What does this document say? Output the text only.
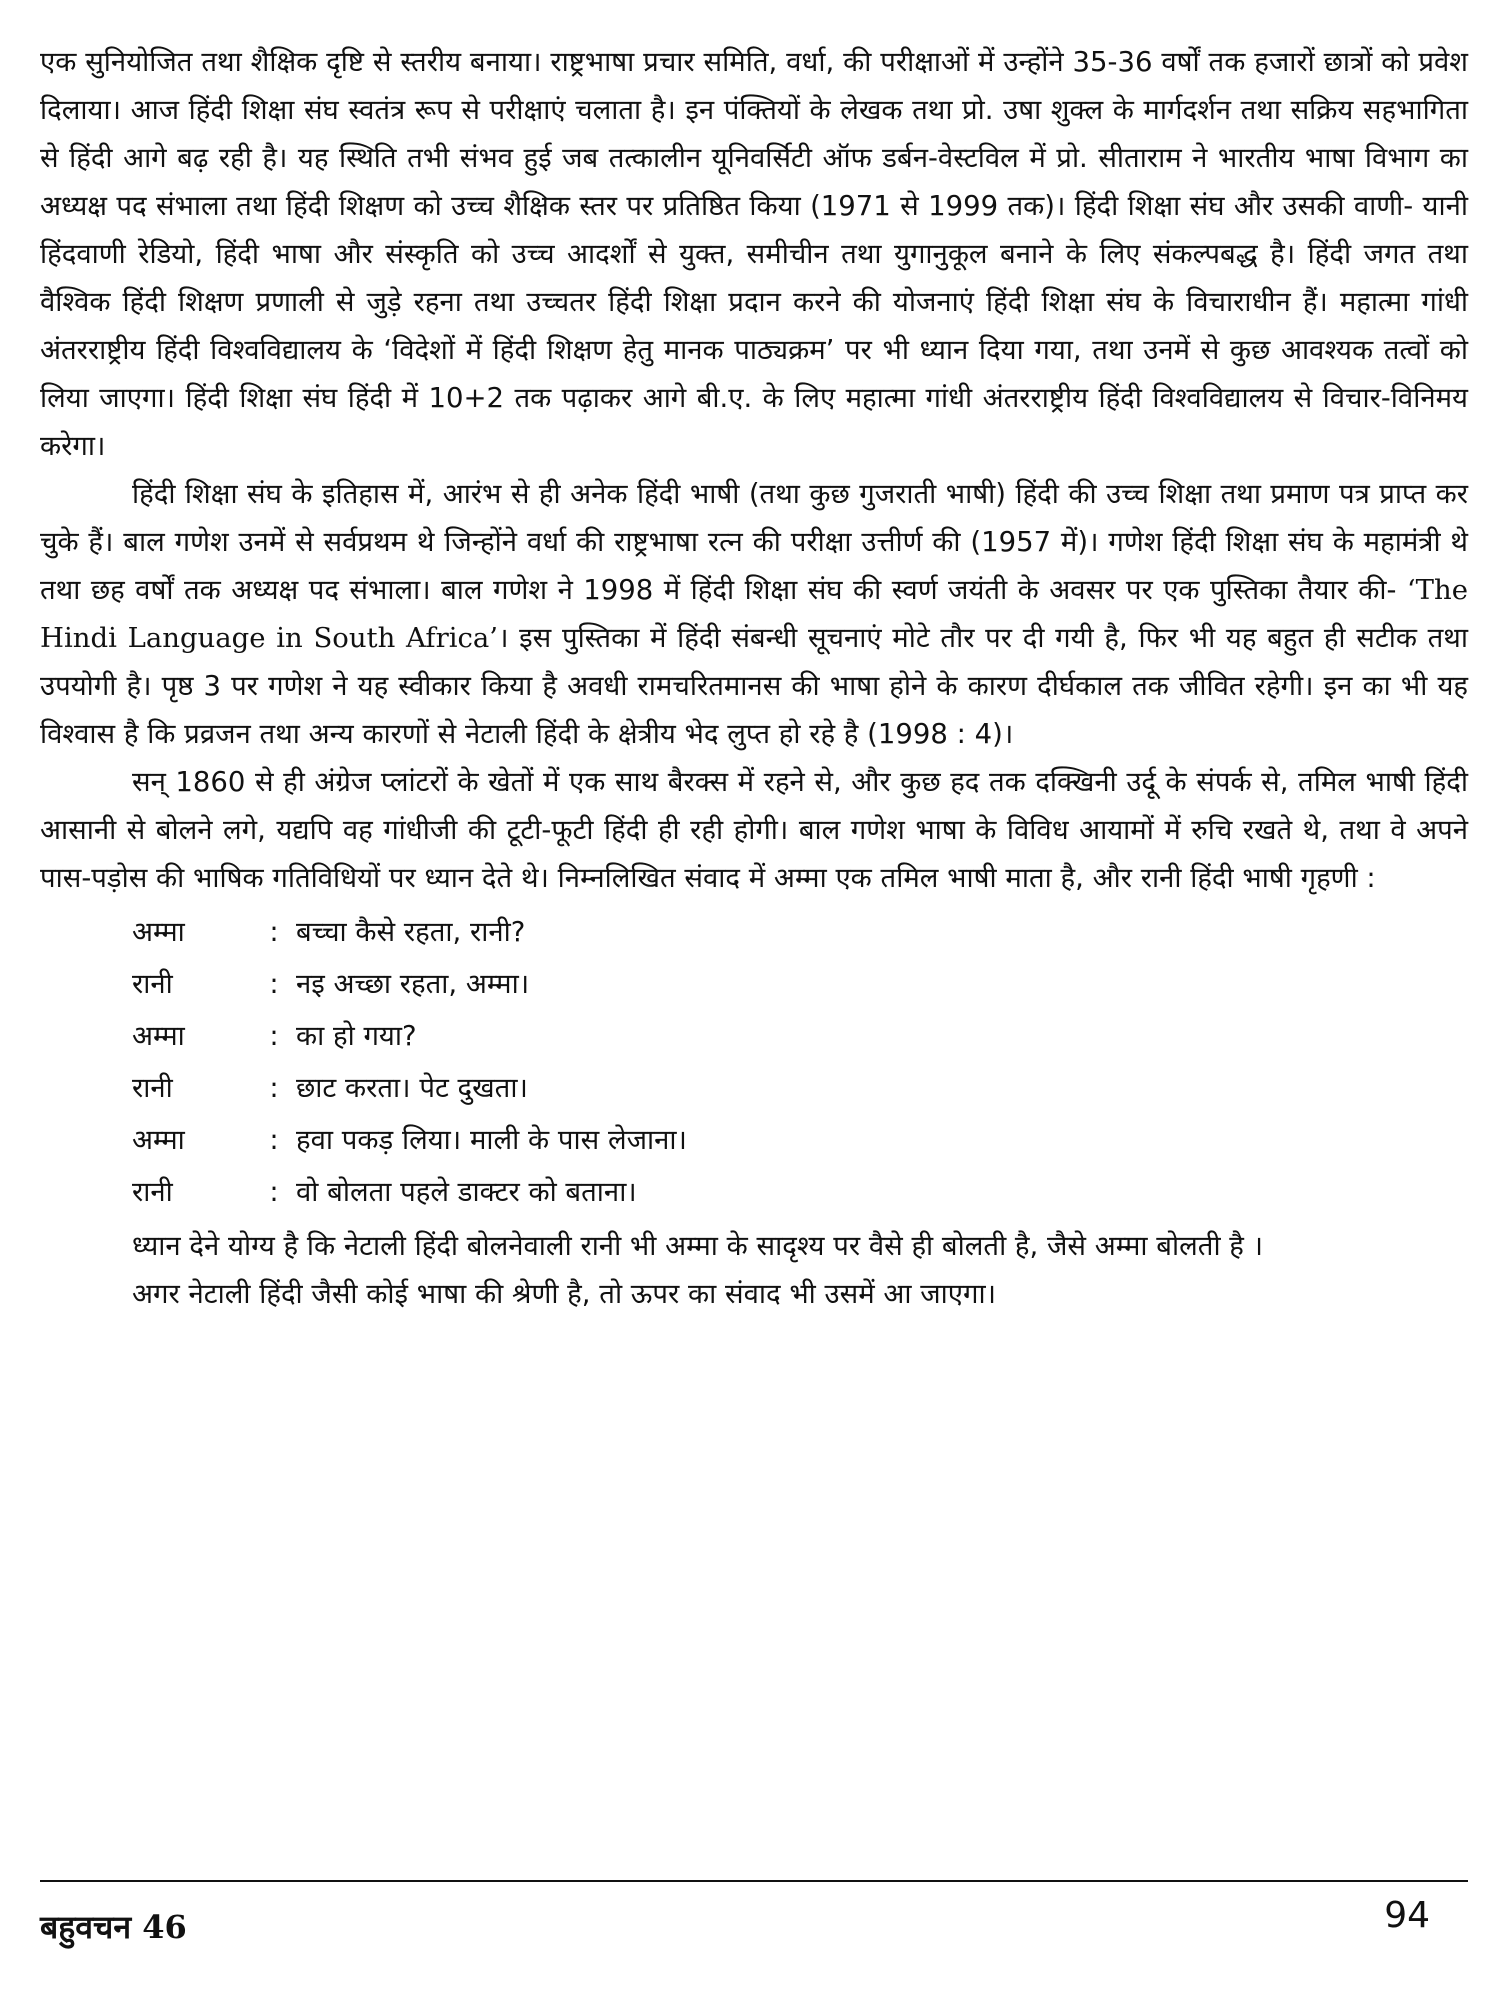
एक सुनियोजित तथा शैक्षिक दृष्टि से स्तरीय बनाया। राष्ट्रभाषा प्रचार समिति, वर्धा, की परीक्षाओं में उन्होंने 35-36 वर्षों तक हजारों छात्रों को प्रवेश दिलाया। आज हिंदी शिक्षा संघ स्वतंत्र रूप से परीक्षाएं चलाता है। इन पंक्तियों के लेखक तथा प्रो. उषा शुक्ल के मार्गदर्शन तथा सक्रिय सहभागिता से हिंदी आगे बढ़ रही है। यह स्थिति तभी संभव हुई जब तत्कालीन यूनिवर्सिटी ऑफ डर्बन-वेस्टविल में प्रो. सीताराम ने भारतीय भाषा विभाग का अध्यक्ष पद संभाला तथा हिंदी शिक्षण को उच्च शैक्षिक स्तर पर प्रतिष्ठित किया (1971 से 1999 तक)। हिंदी शिक्षा संघ और उसकी वाणी- यानी हिंदवाणी रेडियो, हिंदी भाषा और संस्कृति को उच्च आदर्शों से युक्त, समीचीन तथा युगानुकूल बनाने के लिए संकल्पबद्ध है। हिंदी जगत तथा वैश्विक हिंदी शिक्षण प्रणाली से जुड़े रहना तथा उच्चतर हिंदी शिक्षा प्रदान करने की योजनाएं हिंदी शिक्षा संघ के विचाराधीन हैं। महात्मा गांधी अंतरराष्ट्रीय हिंदी विश्वविद्यालय के ‘विदेशों में हिंदी शिक्षण हेतु मानक पाठ्यक्रम’ पर भी ध्यान दिया गया, तथा उनमें से कुछ आवश्यक तत्वों को लिया जाएगा। हिंदी शिक्षा संघ हिंदी में 10+2 तक पढ़ाकर आगे बी.ए. के लिए महात्मा गांधी अंतरराष्ट्रीय हिंदी विश्वविद्यालय से विचार-विनिमय करेगा।

हिंदी शिक्षा संघ के इतिहास में, आरंभ से ही अनेक हिंदी भाषी (तथा कुछ गुजराती भाषी) हिंदी की उच्च शिक्षा तथा प्रमाण पत्र प्राप्त कर चुके हैं। बाल गणेश उनमें से सर्वप्रथम थे जिन्होंने वर्धा की राष्ट्रभाषा रत्न की परीक्षा उत्तीर्ण की (1957 में)। गणेश हिंदी शिक्षा संघ के महामंत्री थे तथा छह वर्षों तक अध्यक्ष पद संभाला। बाल गणेश ने 1998 में हिंदी शिक्षा संघ की स्वर्ण जयंती के अवसर पर एक पुस्तिका तैयार की- ‘The Hindi Language in South Africa’। इस पुस्तिका में हिंदी संबन्धी सूचनाएं मोटे तौर पर दी गयी है, फिर भी यह बहुत ही सटीक तथा उपयोगी है। पृष्ठ 3 पर गणेश ने यह स्वीकार किया है अवधी रामचरितमानस की भाषा होने के कारण दीर्घकाल तक जीवित रहेगी। इन का भी यह विश्वास है कि प्रव्रजन तथा अन्य कारणों से नेटाली हिंदी के क्षेत्रीय भेद लुप्त हो रहे है (1998 : 4)।

सन् 1860 से ही अंग्रेज प्लांटरों के खेतों में एक साथ बैरक्स में रहने से, और कुछ हद तक दक्खिनी उर्दू के संपर्क से, तमिल भाषी हिंदी आसानी से बोलने लगे, यद्यपि वह गांधीजी की टूटी-फूटी हिंदी ही रही होगी। बाल गणेश भाषा के विविध आयामों में रुचि रखते थे, तथा वे अपने पास-पड़ोस की भाषिक गतिविधियों पर ध्यान देते थे। निम्नलिखित संवाद में अम्मा एक तमिल भाषी माता है, और रानी हिंदी भाषी गृहणी :

अम्मा	: बच्चा कैसे रहता, रानी?
रानी	: नइ अच्छा रहता, अम्मा।
अम्मा	: का हो गया?
रानी	: छाट करता। पेट दुखता।
अम्मा	: हवा पकड़ लिया। माली के पास लेजाना।
रानी	: वो बोलता पहले डाक्टर को बताना।

ध्यान देने योग्य है कि नेटाली हिंदी बोलनेवाली रानी भी अम्मा के सादृश्य पर वैसे ही बोलती है, जैसे अम्मा बोलती है ।

अगर नेटाली हिंदी जैसी कोई भाषा की श्रेणी है, तो ऊपर का संवाद भी उसमें आ जाएगा।

बहुवचन 46	94
